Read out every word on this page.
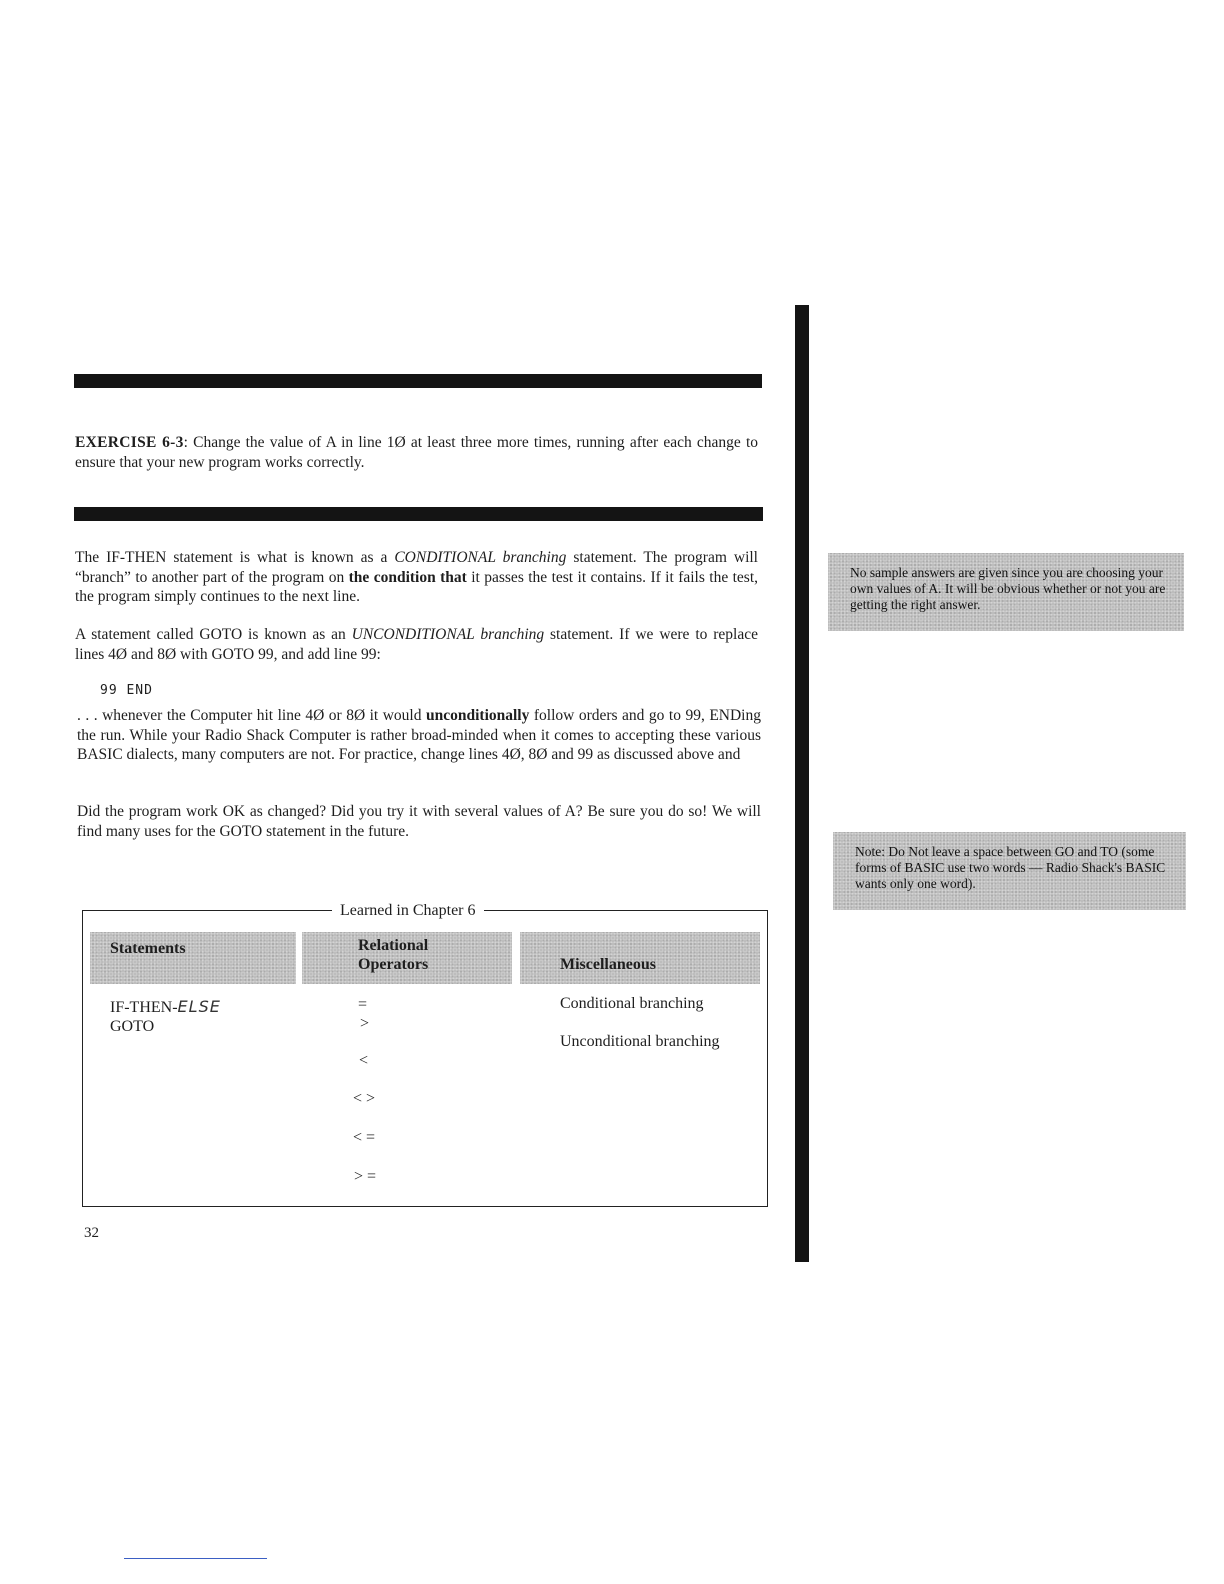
EXERCISE 6-3: Change the value of A in line 1Ø at least three more times, running after each change to ensure that your new program works correctly.

The IF-THEN statement is what is known as a CONDITIONAL branching statement. The program will “branch” to another part of the program on the condition that it passes the test it contains. If it fails the test, the program simply continues to the next line.

A statement called GOTO is known as an UNCONDITIONAL branching statement. If we were to replace lines 4Ø and 8Ø with GOTO 99, and add line 99:

99 END

. . . whenever the Computer hit line 4Ø or 8Ø it would unconditionally follow orders and go to 99, ENDing the run. While your Radio Shack Computer is rather broad-minded when it comes to accepting these various BASIC dialects, many computers are not. For practice, change lines 4Ø, 8Ø and 99 as discussed above and

Did the program work OK as changed? Did you try it with several values of A? Be sure you do so! We will find many uses for the GOTO statement in the future.

No sample answers are given since you are choosing your own values of A. It will be obvious whether or not you are getting the right answer.
Note: Do Not leave a space between GO and TO (some forms of BASIC use two words — Radio Shack's BASIC wants only one word).
Learned in Chapter 6
Statements	Relational
Operators	Miscellaneous
IF-THEN-ELSE
GOTO
=
>
<
< >
< =
> =
Conditional branching
Unconditional branching
32
